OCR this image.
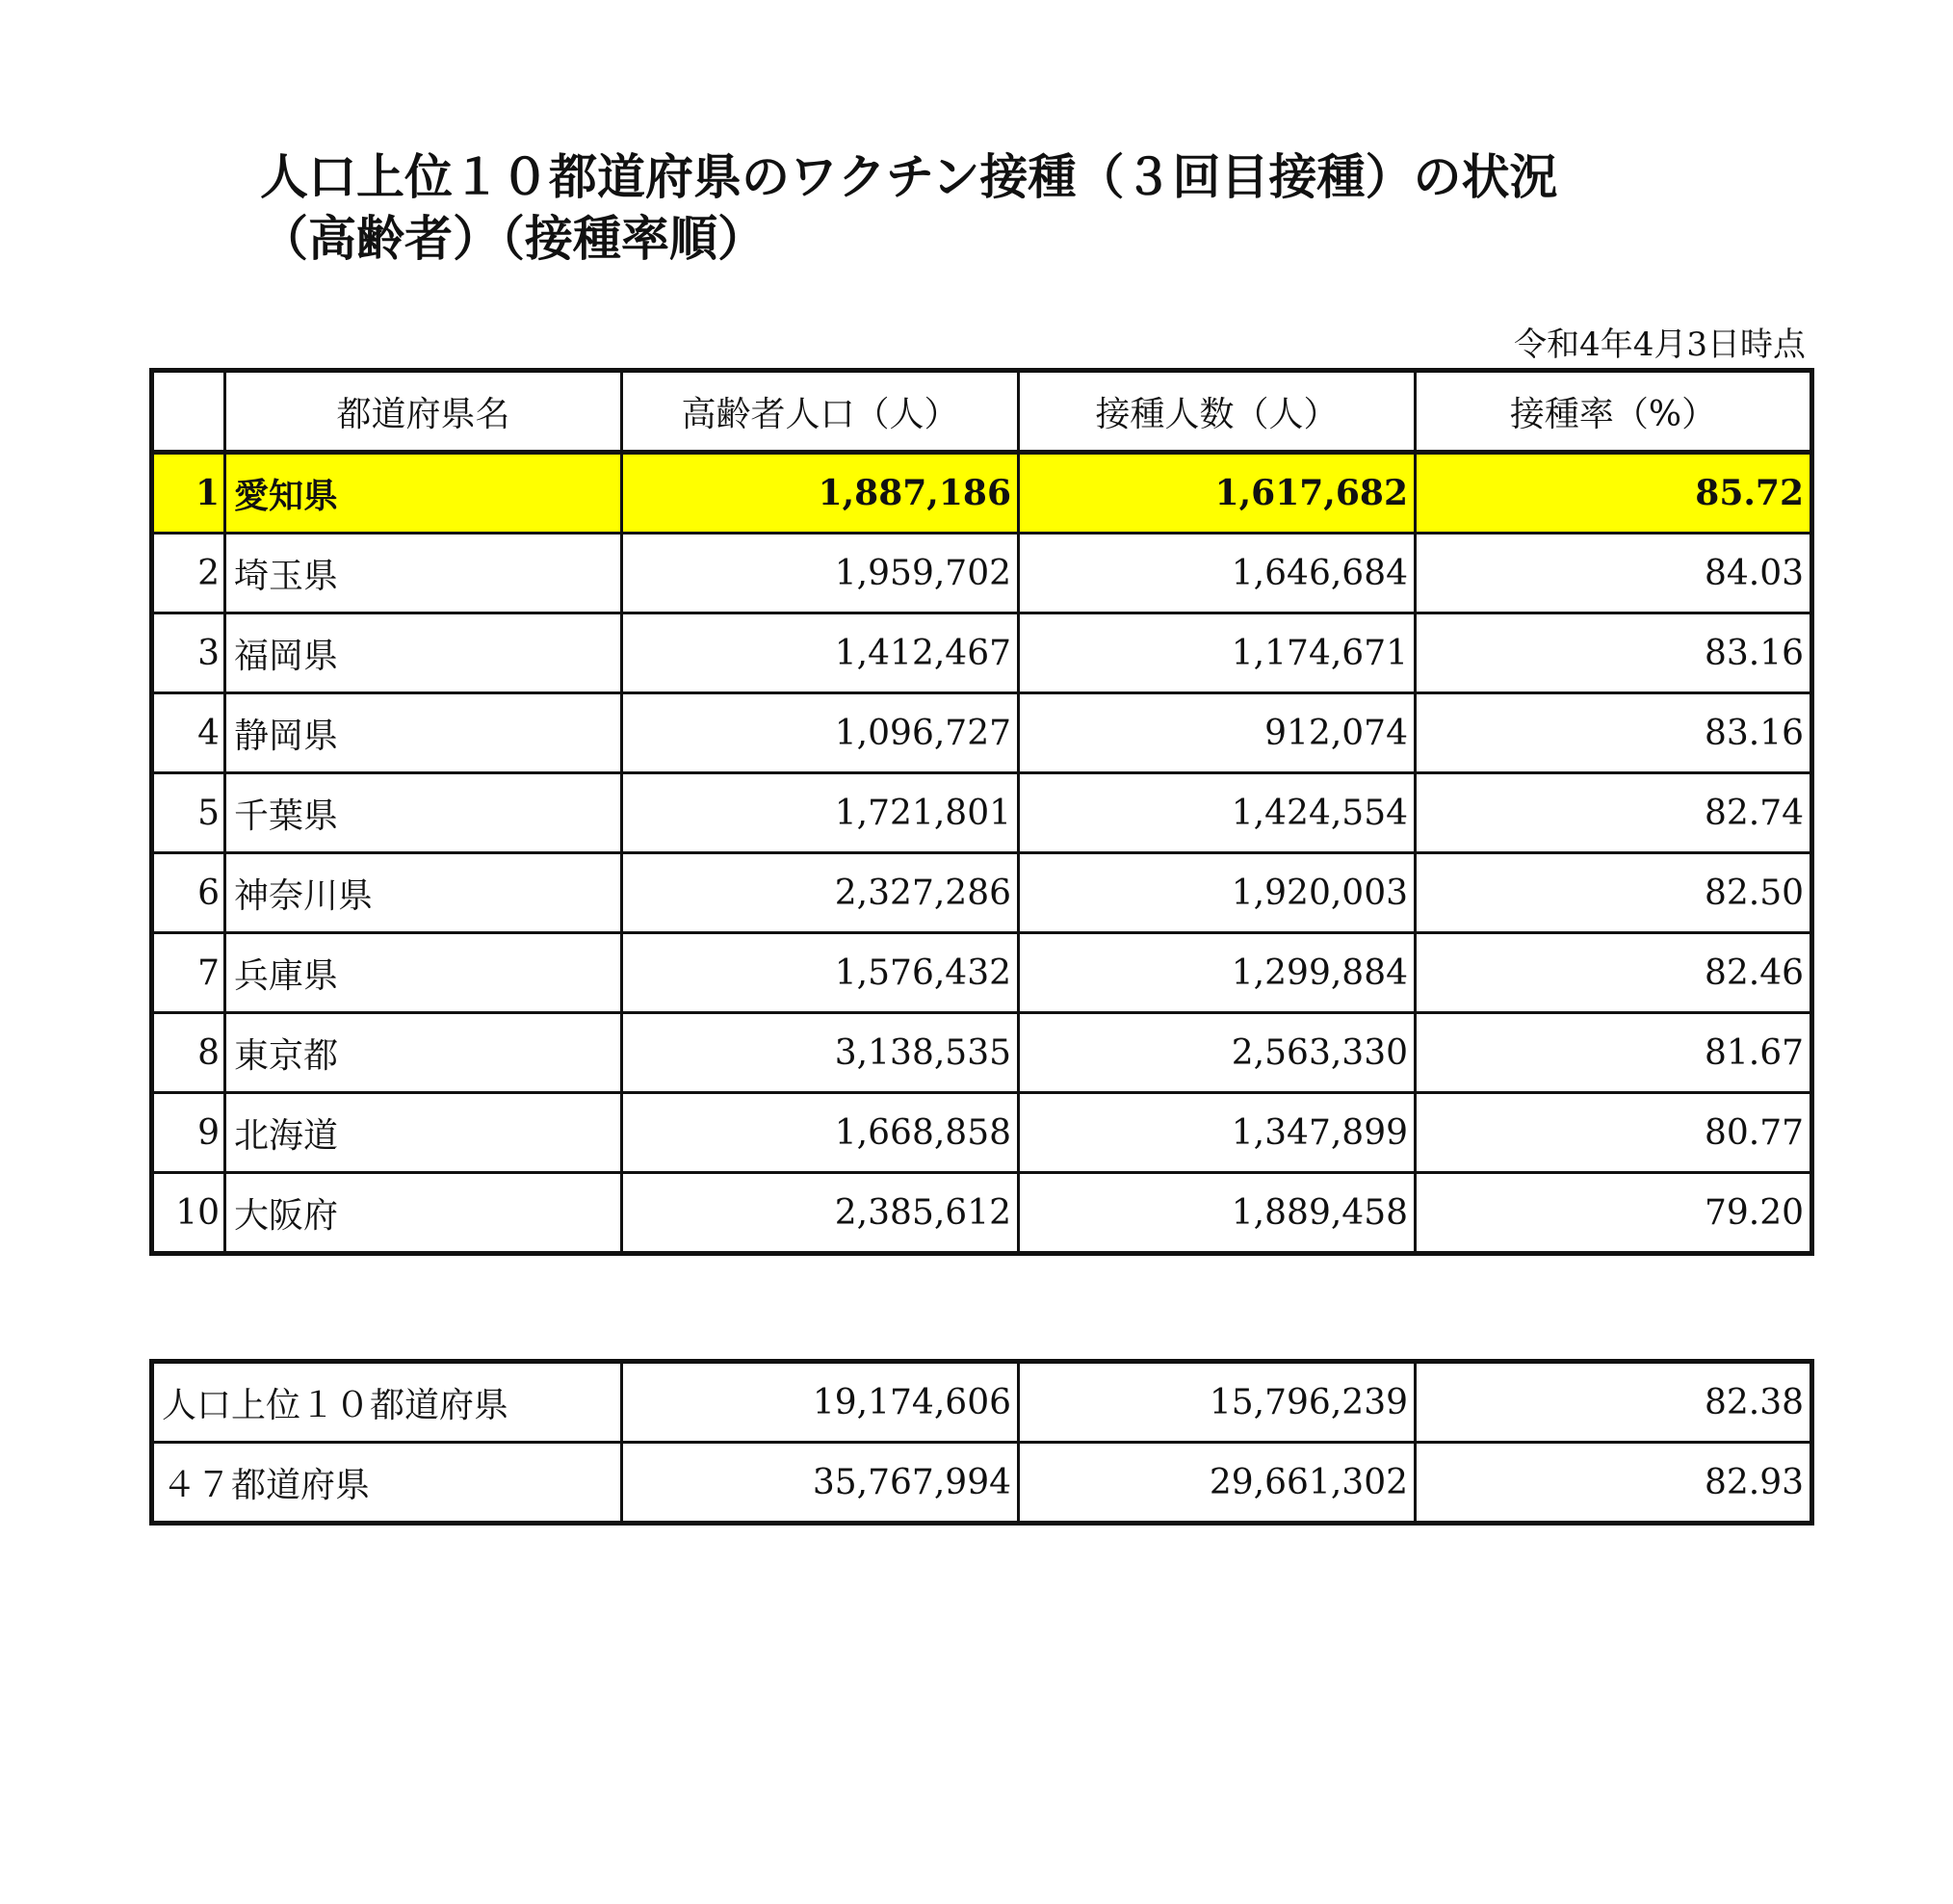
人口上位１０都道府県のワクチン接種（３回目接種）の状況
（高齢者）（接種率順）
令和4年4月3日時点
	都道府県名	高齢者人口（人）	接種人数（人）	接種率（%）
1	愛知県	1,887,186	1,617,682	85.72
2	埼玉県	1,959,702	1,646,684	84.03
3	福岡県	1,412,467	1,174,671	83.16
4	静岡県	1,096,727	912,074	83.16
5	千葉県	1,721,801	1,424,554	82.74
6	神奈川県	2,327,286	1,920,003	82.50
7	兵庫県	1,576,432	1,299,884	82.46
8	東京都	3,138,535	2,563,330	81.67
9	北海道	1,668,858	1,347,899	80.77
10	大阪府	2,385,612	1,889,458	79.20
人口上位１０都道府県	19,174,606	15,796,239	82.38
４７都道府県	35,767,994	29,661,302	82.93
